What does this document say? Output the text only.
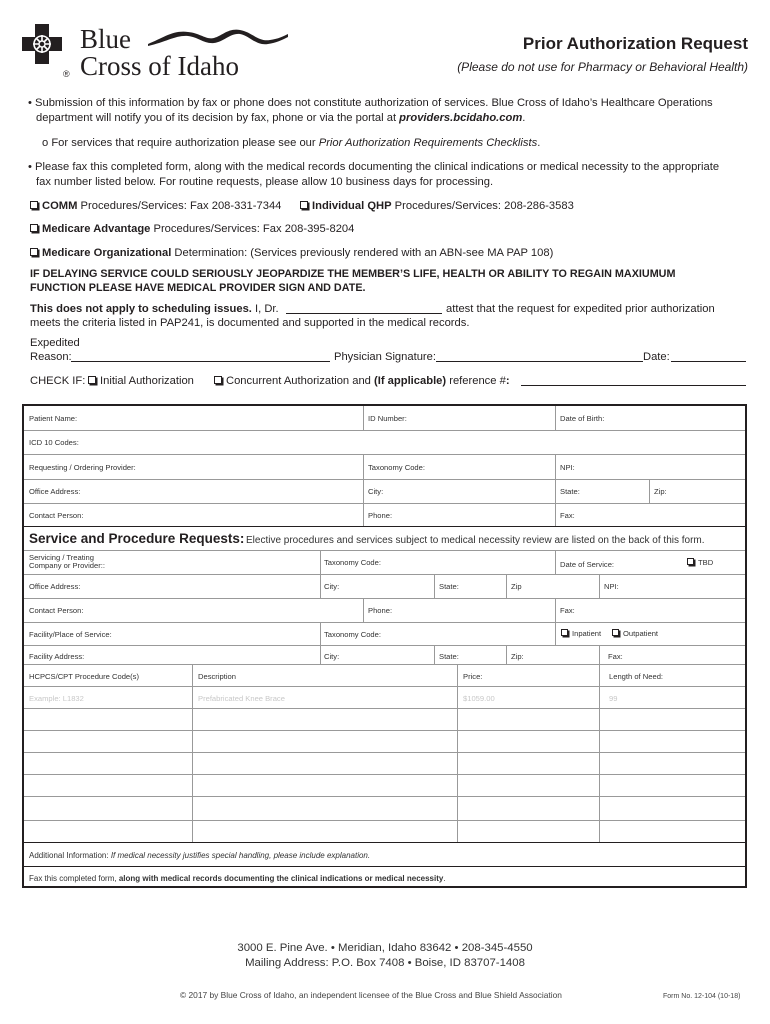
®
Blue
Cross of Idaho
Prior Authorization Request
(Please do not use for Pharmacy or Behavioral Health)
• Submission of this information by fax or phone does not constitute authorization of services. Blue Cross of Idaho’s Healthcare Operations
department will notify you of its decision by fax, phone or via the portal at providers.bcidaho.com.
o For services that require authorization please see our Prior Authorization Requirements Checklists.
• Please fax this completed form, along with the medical records documenting the clinical indications or medical necessity to the appropriate
fax number listed below. For routine requests, please allow 10 business days for processing.
COMM Procedures/Services: Fax 208-331-7344	Individual QHP Procedures/Services: 208-286-3583
Medicare Advantage Procedures/Services: Fax 208-395-8204
Medicare Organizational Determination: (Services previously rendered with an ABN-see MA PAP 108)
IF DELAYING SERVICE COULD SERIOUSLY JEOPARDIZE THE MEMBER’S LIFE, HEALTH OR ABILITY TO REGAIN MAXIUMUM
FUNCTION PLEASE HAVE MEDICAL PROVIDER SIGN AND DATE.
This does not apply to scheduling issues. I, Dr.	attest that the request for expedited prior authorization
meets the criteria listed in PAP241, is documented and supported in the medical records.
Expedited
Reason:	Physician Signature:	Date:
CHECK IF:	Initial Authorization	Concurrent Authorization and (If applicable) reference #:
Patient Name:	ID Number:	Date of Birth:
ICD 10 Codes:
Requesting / Ordering Provider:	Taxonomy Code:	NPI:
Office Address:	City:	State:	Zip:
Contact Person:	Phone:	Fax:
Service and Procedure Requests: Elective procedures and services subject to medical necessity review are listed on the back of this form.
Servicing / Treating
Company or Provider::	Taxonomy Code:	Date of Service:	TBD
Office Address:	City:	State:	Zip	NPI:
Contact Person:	Phone:	Fax:
Facility/Place of Service:	Taxonomy Code:	Inpatient	Outpatient
Facility Address:	City:	State:	Zip:	Fax:
HCPCS/CPT Procedure Code(s)	Description	Price:	Length of Need:
Example: L1832	Prefabricated Knee Brace	$1059.00	99
Additional Information: If medical necessity justifies special handling, please include explanation.
Fax this completed form, along with medical records documenting the clinical indications or medical necessity.
3000 E. Pine Ave. • Meridian, Idaho 83642 • 208-345-4550
Mailing Address: P.O. Box 7408 • Boise, ID 83707-1408
© 2017 by Blue Cross of Idaho, an independent licensee of the Blue Cross and Blue Shield Association	Form No. 12-104 (10-18)
